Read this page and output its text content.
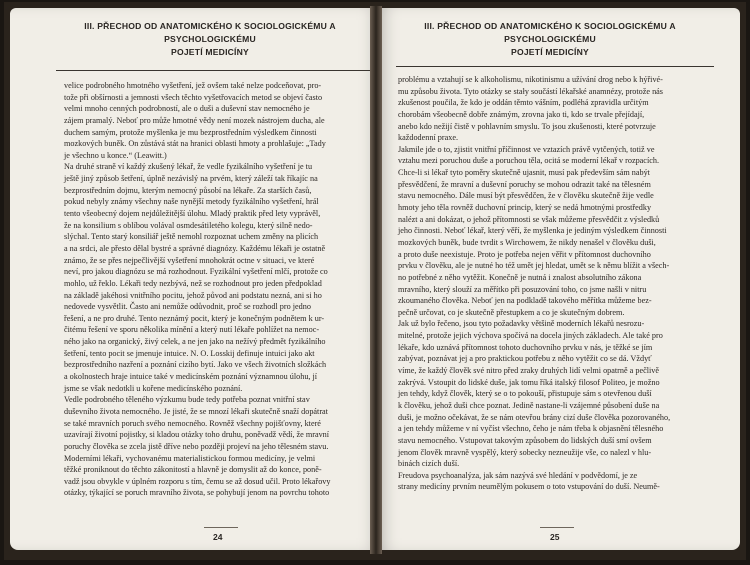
III. PŘECHOD OD ANATOMICKÉHO K SOCIOLOGICKÉMU A PSYCHOLOGICKÉMU
POJETÍ MEDICÍNY
velice podrobného hmotného vyšetření, jež ovšem také nelze podceňovat, pro-
tože při obšírnosti a jemnosti všech těchto vyšetřovacích metod se objeví často
velmi mnoho cenných podrobností, ale o duši a duševní stav nemocného je
zájem pramalý. Neboť pro může hmotné vědy není mozek nástrojem ducha, ale
duchem samým, protože myšlenka je mu bezprostředním výsledkem činnosti
mozkových buněk. On zůstává stát na hranici oblasti hmoty a prohlašuje: „Tady
je všechno u konce.“ (Leawitt.)
Na druhé straně ví každý zkušený lékař, že vedle fyzikálního vyšetření je tu
ještě jiný způsob šetření, úplně nezávislý na prvém, který záleží tak říkajíc na
bezprostředním dojmu, kterým nemocný působí na lékaře. Za starších časů,
pokud nebyly známy všechny naše nynější metody fyzikálního vyšetření, hrál
tento všeobecný dojem nejdůležitější úlohu. Mladý praktik před lety vyprávěl,
že na konsilium s oblíbou volával osmdesátiletého kolegu, který silně nedo-
slýchal. Tento starý konsiliář ještě nemohl rozpoznat uchem změny na plicích
a na srdci, ale přesto dělal bystré a správné diagnózy. Každému lékaři je ostatně
známo, že se přes nejpečlivější vyšetření mnohokrát octne v situaci, ve které
neví, pro jakou diagnózu se má rozhodnout. Fyzikální vyšetření mlčí, protože co
mohlo, už řeklo. Lékaři tedy nezbývá, než se rozhodnout pro jeden předpoklad
na základě jakéhosi vnitřního pocitu, jehož původ ani podstatu nezná, ani si ho
nedovede vysvětlit. Často ani nemůže odůvodnit, proč se rozhodl pro jedno
řešení, a ne pro druhé. Tento neznámý pocit, který je konečným podnětem k ur-
čitému řešení ve sporu několika mínění a který nutí lékaře pohlížet na nemoc-
ného jako na organický, živý celek, a ne jen jako na nežívý předmět fyzikálního
šetření, tento pocit se jmenuje intuice. N. O. Losskij definuje intuici jako akt
bezprostředního nazření a poznání cizího bytí. Jako ve všech životních složkách
a okolnostech hraje intuice také v medicínském poznání významnou úlohu, jí
jsme se však nedotkli u kořene medicínského poznání.
Vedle podrobného těleného výzkumu bude tedy potřeba poznat vnitřní stav
duševního života nemocného. Je jisté, že se mnozí lékaři skutečně snaží dopátrat
se také mravních poruch svého nemocného. Rovněž všechny pojišťovny, které
uzavírají životní pojistky, si kladou otázky toho druhu, poněvadž vědí, že mravní
poruchy člověka se zcela jistě dříve nebo později projeví na jeho tělesném stavu.
Moderními lékaři, vychovanému materialistickou formou medicíny, je velmi
těžké proniknout do těchto zákonitostí a hlavně je domyslit až do konce, poně-
vadž jsou obvykle v úplném rozporu s tím, čemu se až dosud učil. Proto lékařovy
otázky, týkající se poruch mravního života, se pohybují jenom na povrchu tohoto
24
III. PŘECHOD OD ANATOMICKÉHO K SOCIOLOGICKÉMU A PSYCHOLOGICKÉMU
POJETÍ MEDICÍNY
problému a vztahují se k alkoholismu, nikotinismu a užívání drog nebo k hýřivé-
mu způsobu života. Tyto otázky se stały součástí lékařské anamnézy, protože nás
zkušenost poučila, že kdo je oddán těmto vášním, podléhá zpravidla určitým
chorobám všeobecně dobře známým, zrovna jako ti, kdo se trvale přejídají,
anebo kdo nežijí čistě v pohlavním smyslu. To jsou zkušenosti, které potvrzuje
každodenní praxe.
Jakmile jde o to, zjistit vnitřní příčinnost ve vztazích právě vytčených, totiž ve
vztahu mezi poruchou duše a poruchou těla, ocitá se moderní lékař v rozpacích.
Chce-li si lékař tyto poměry skutečně ujasnit, musí pak především sám nabýt
přesvědčení, že mravní a duševní poruchy se mohou odrazit také na tělesném
stavu nemocného. Dále musí být přesvědčen, že v člověku skutečně žije vedle
hmoty jeho těla rovněž duchovní princip, který se nedá hmotnými prostředky
nalézt a ani dokázat, o jehož přítomnosti se však můžeme přesvědčit z výsledků
jeho činnosti. Neboť lékař, který věří, že myšlenka je jediným výsledkem činnosti
mozkových buněk, bude tvrdit s Wirchowem, že nikdy nenašel v člověku duši,
a proto duše neexistuje. Proto je potřeba nejen věřit v přítomnost duchovního
prvku v člověku, ale je nutné ho též umět jej hledat, umět se k němu blížit a všech-
no potřebné z něho vytěžit. Konečně je nutná i znalost absolutního zákona
mravního, který slouží za měřítko při posuzování toho, co jsme našli v nitru
zkoumaného člověka. Neboť jen na podkladě takového měřítka můžeme bez-
pečně určovat, co je skutečně přestupkem a co je skutečným dobrem.
Jak už bylo řečeno, jsou tyto požadavky většině moderních lékařů nesrozu-
mitelné, protože jejich výchova spočívá na docela jiných základech. Ale také pro
lékaře, kdo uznává přítomnost tohoto duchovního prvku v nás, je těžké se jím
zabývat, poznávat jej a pro praktickou potřebu z něho vytěžit co se dá. Vždyť
víme, že každý člověk své nitro před zraky druhých lidí velmi opatrně a pečlivě
zakrývá. Vstoupit do lidské duše, jak tomu říká italský filosof Politeo, je možno
jen tehdy, když člověk, který se o to pokouší, přistupuje sám s otevřenou duší
k člověku, jehož duši chce poznat. Jedině nastane-li vzájemné působení duše na
duši, je možno očekávat, že se nám otevřou brány cizí duše člověka pozorovaného,
a jen tehdy můžeme v ní vyčíst všechno, čeho je nám třeba k objasnění tělesného
stavu nemocného. Vstupovat takovým způsobem do lidských duší smí ovšem
jenom člověk mravně vyspělý, který sobecky nezneužije vše, co nalezl v hlu-
binách cizích duší.
Freudova psychoanalýza, jak sám nazývá své hledání v podvědomí, je ze
strany medicíny prvním neumělým pokusem o toto vstupování do duší. Neumě-
25
